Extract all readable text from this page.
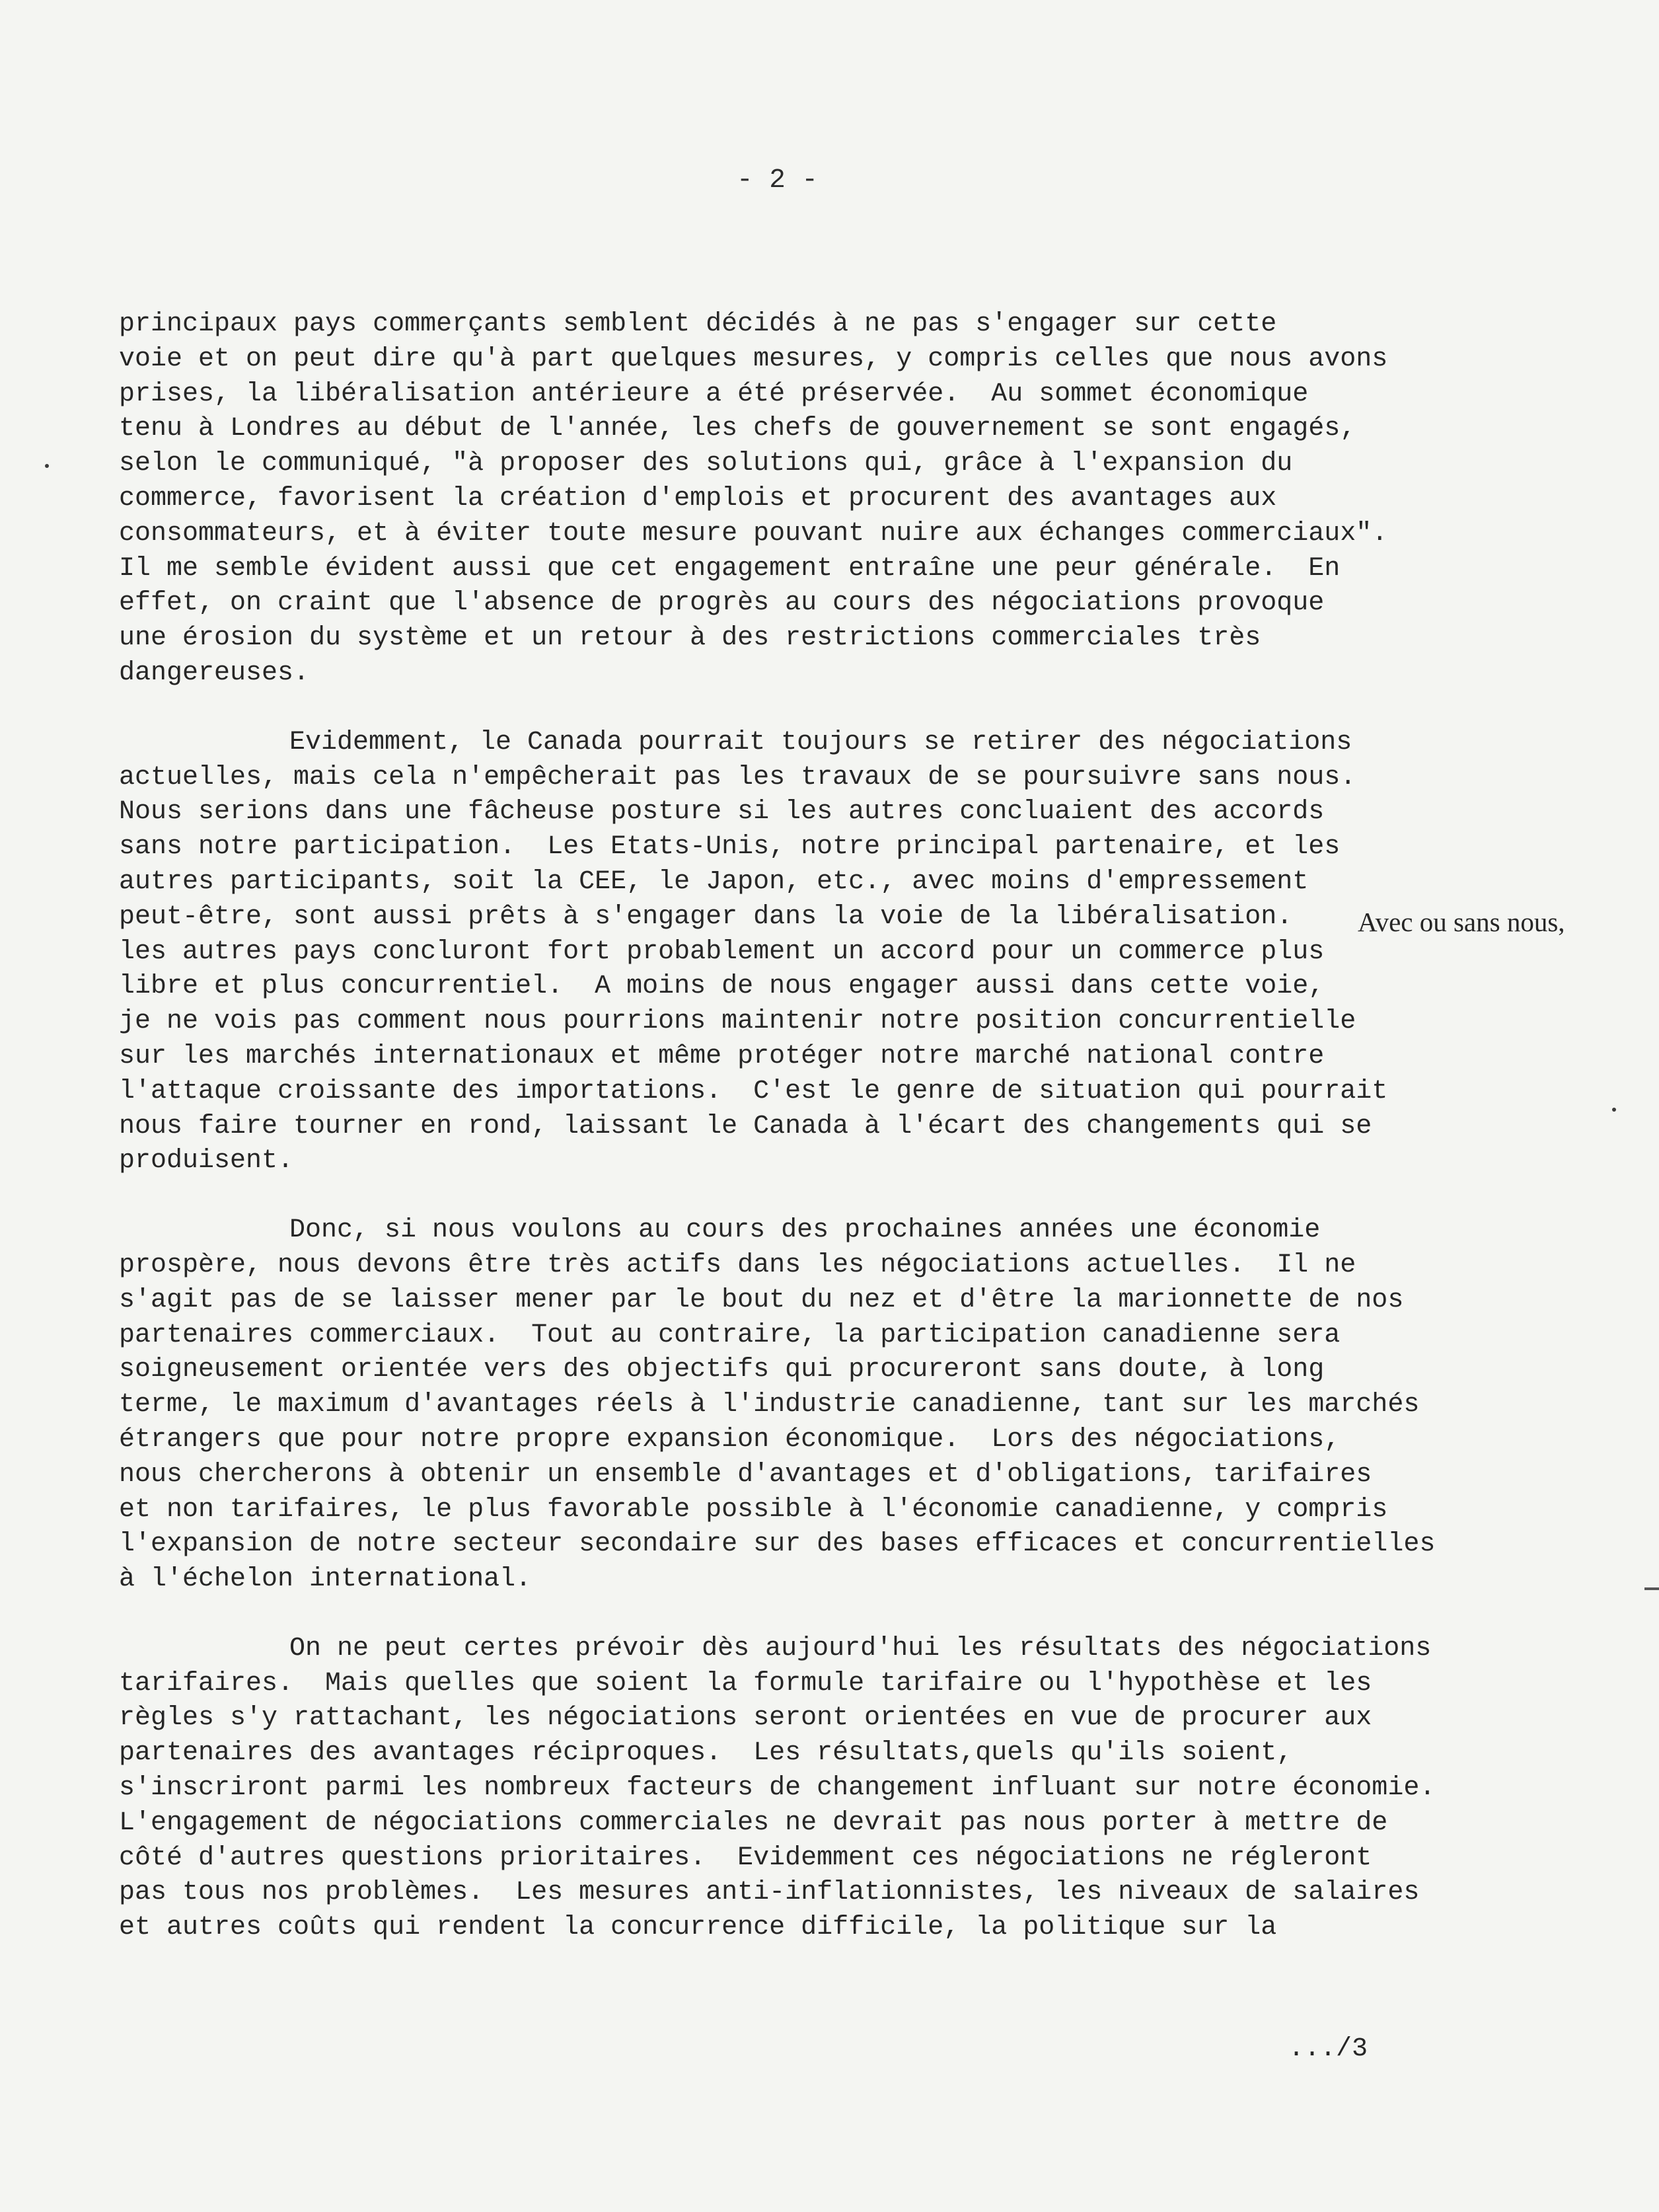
- 2 -

principaux pays commerçants semblent décidés à ne pas s'engager sur cette
voie et on peut dire qu'à part quelques mesures, y compris celles que nous avons
prises, la libéralisation antérieure a été préservée.  Au sommet économique
tenu à Londres au début de l'année, les chefs de gouvernement se sont engagés,
selon le communiqué, "à proposer des solutions qui, grâce à l'expansion du
commerce, favorisent la création d'emplois et procurent des avantages aux
consommateurs, et à éviter toute mesure pouvant nuire aux échanges commerciaux".
Il me semble évident aussi que cet engagement entraîne une peur générale.  En
effet, on craint que l'absence de progrès au cours des négociations provoque
une érosion du système et un retour à des restrictions commerciales très
dangereuses.

Evidemment, le Canada pourrait toujours se retirer des négociations
actuelles, mais cela n'empêcherait pas les travaux de se poursuivre sans nous.
Nous serions dans une fâcheuse posture si les autres concluaient des accords
sans notre participation.  Les Etats-Unis, notre principal partenaire, et les
autres participants, soit la CEE, le Japon, etc., avec moins d'empressement
peut-être, sont aussi prêts à s'engager dans la voie de la libéralisation.
les autres pays concluront fort probablement un accord pour un commerce plus
libre et plus concurrentiel.  A moins de nous engager aussi dans cette voie,
je ne vois pas comment nous pourrions maintenir notre position concurrentielle
sur les marchés internationaux et même protéger notre marché national contre
l'attaque croissante des importations.  C'est le genre de situation qui pourrait
nous faire tourner en rond, laissant le Canada à l'écart des changements qui se
produisent.

Donc, si nous voulons au cours des prochaines années une économie
prospère, nous devons être très actifs dans les négociations actuelles.  Il ne
s'agit pas de se laisser mener par le bout du nez et d'être la marionnette de nos
partenaires commerciaux.  Tout au contraire, la participation canadienne sera
soigneusement orientée vers des objectifs qui procureront sans doute, à long
terme, le maximum d'avantages réels à l'industrie canadienne, tant sur les marchés
étrangers que pour notre propre expansion économique.  Lors des négociations,
nous chercherons à obtenir un ensemble d'avantages et d'obligations, tarifaires
et non tarifaires, le plus favorable possible à l'économie canadienne, y compris
l'expansion de notre secteur secondaire sur des bases efficaces et concurrentielles
à l'échelon international.

On ne peut certes prévoir dès aujourd'hui les résultats des négociations
tarifaires.  Mais quelles que soient la formule tarifaire ou l'hypothèse et les
règles s'y rattachant, les négociations seront orientées en vue de procurer aux
partenaires des avantages réciproques.  Les résultats,quels qu'ils soient,
s'inscriront parmi les nombreux facteurs de changement influant sur notre économie.
L'engagement de négociations commerciales ne devrait pas nous porter à mettre de
côté d'autres questions prioritaires.  Evidemment ces négociations ne régleront
pas tous nos problèmes.  Les mesures anti-inflationnistes, les niveaux de salaires
et autres coûts qui rendent la concurrence difficile, la politique sur la

Avec ou sans nous,
.../3
